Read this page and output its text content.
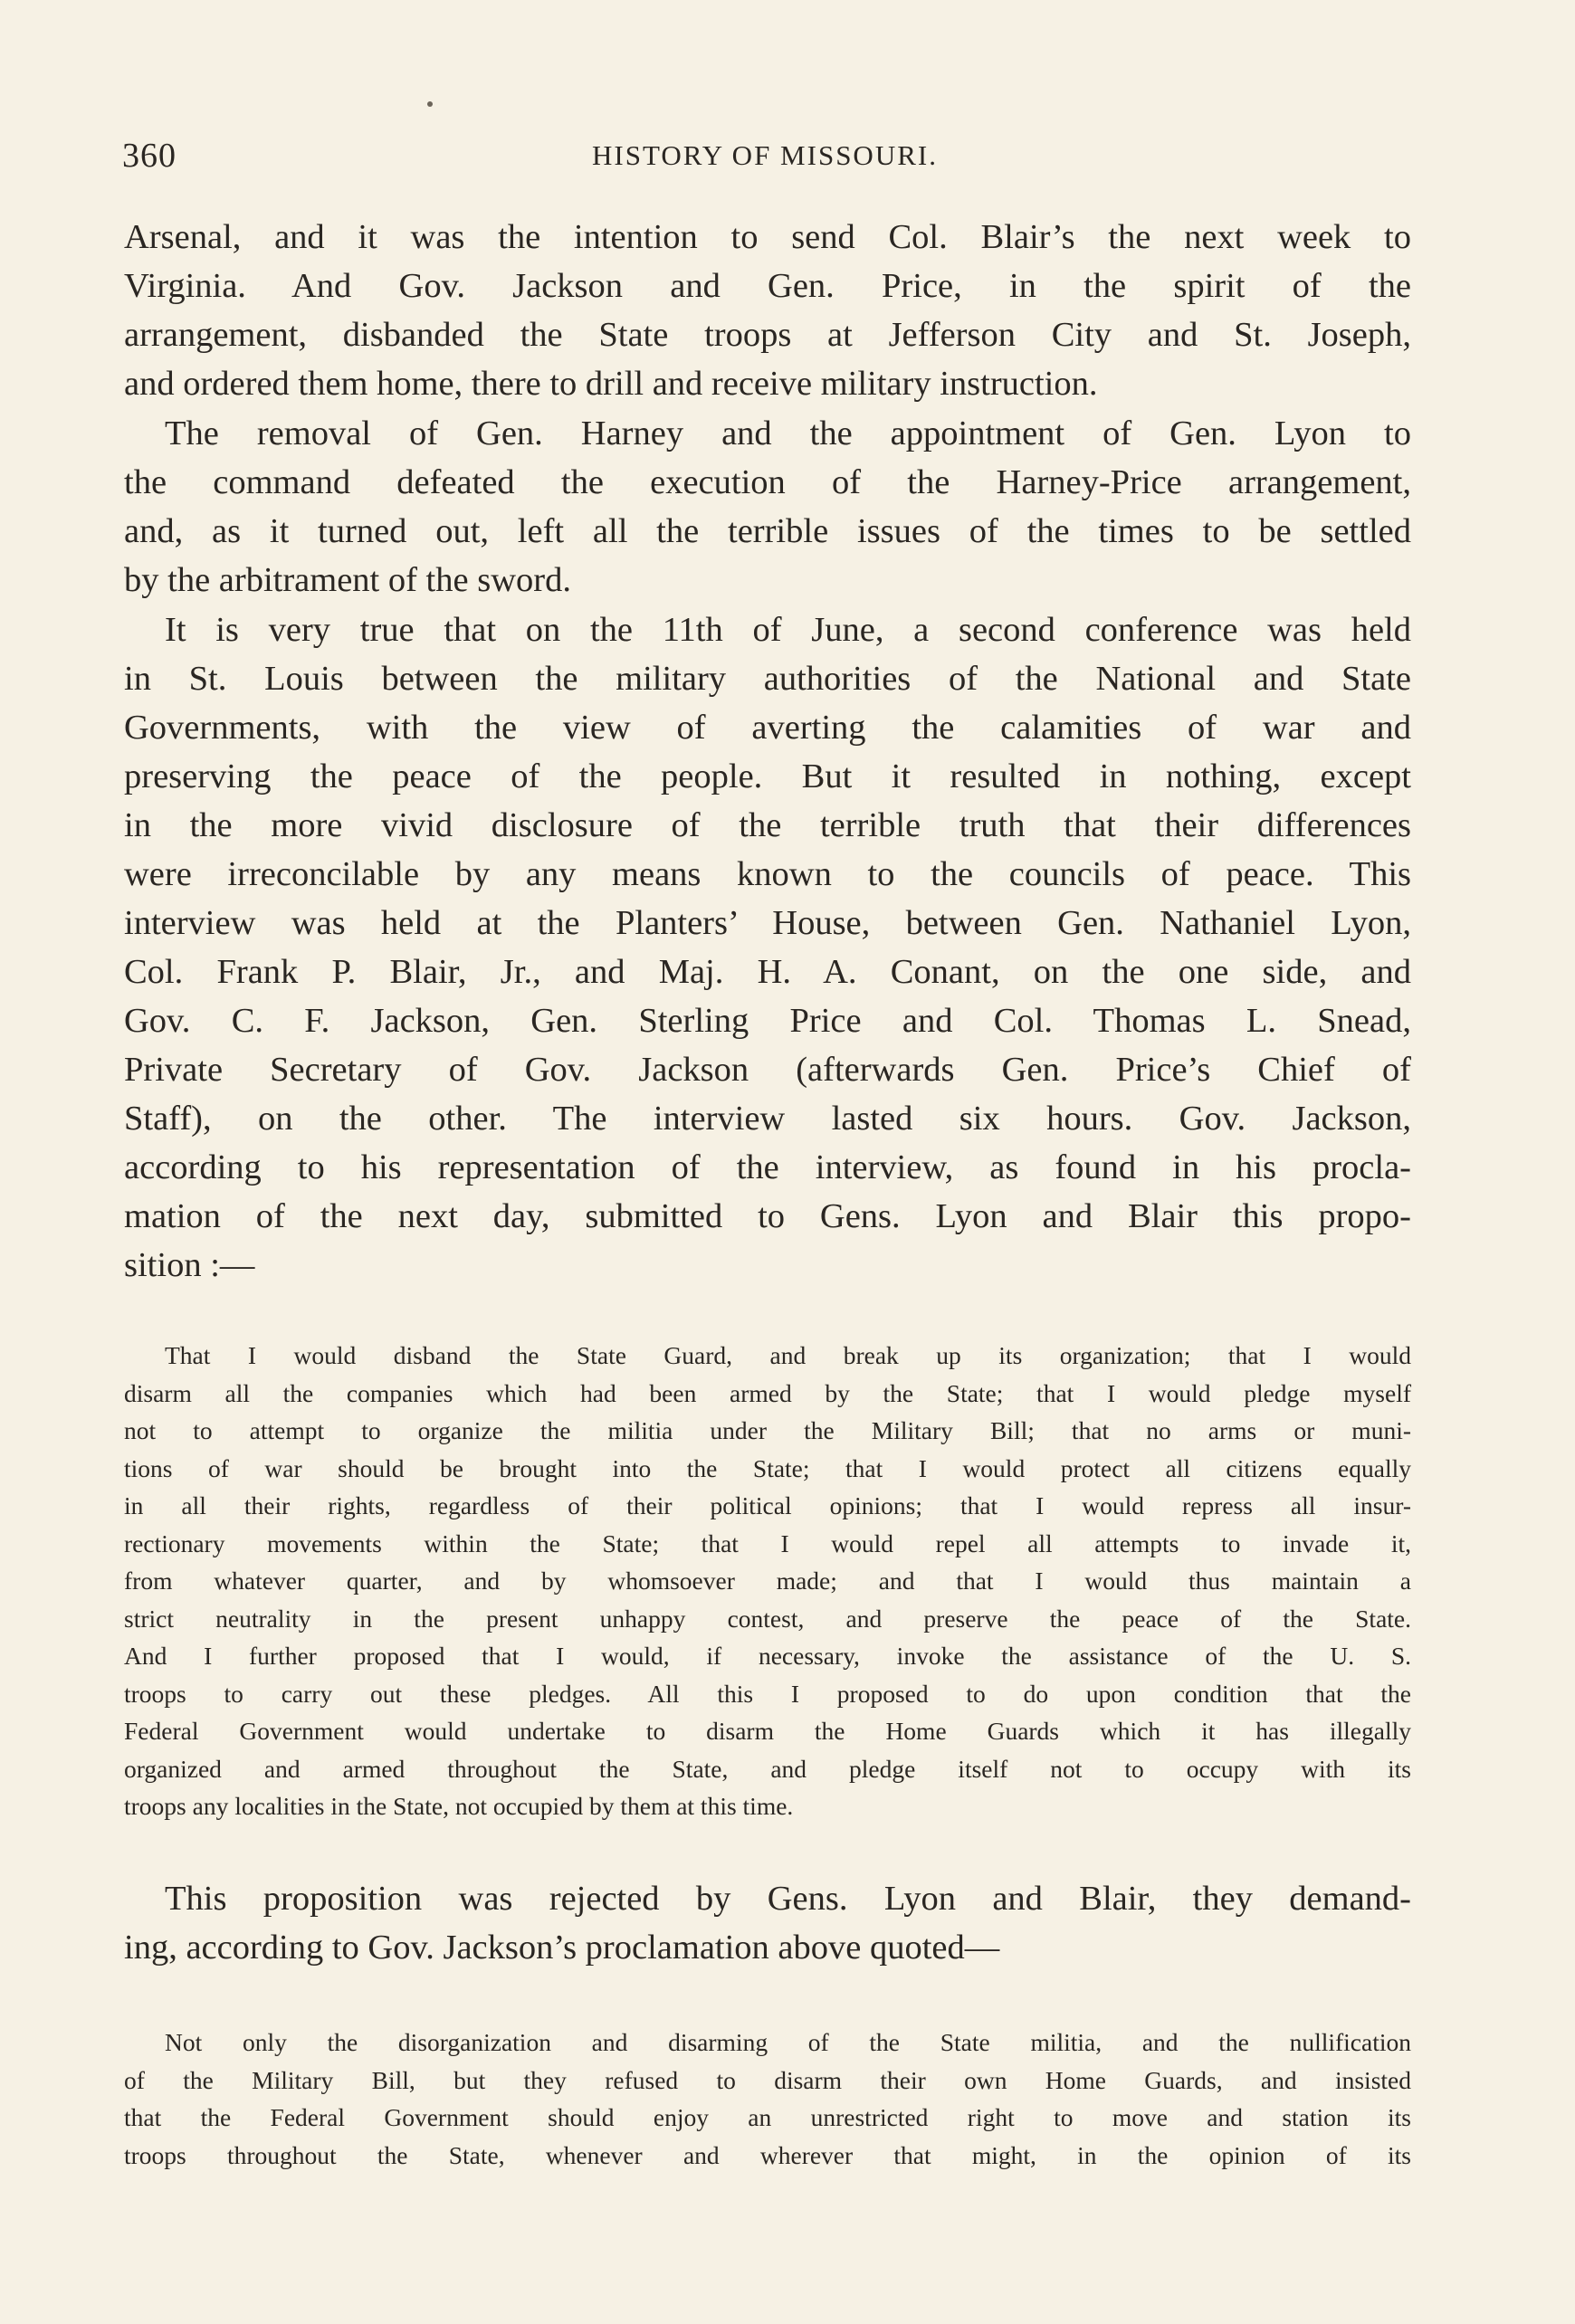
360	HISTORY OF MISSOURI.
Arsenal, and it was the intention to send Col. Blair’s the next week to
Virginia. And Gov. Jackson and Gen. Price, in the spirit of the
arrangement, disbanded the State troops at Jefferson City and St. Joseph,
and ordered them home, there to drill and receive military instruction.
The removal of Gen. Harney and the appointment of Gen. Lyon to
the command defeated the execution of the Harney-Price arrangement,
and, as it turned out, left all the terrible issues of the times to be settled
by the arbitrament of the sword.
It is very true that on the 11th of June, a second conference was held
in St. Louis between the military authorities of the National and State
Governments, with the view of averting the calamities of war and
preserving the peace of the people. But it resulted in nothing, except
in the more vivid disclosure of the terrible truth that their differences
were irreconcilable by any means known to the councils of peace. This
interview was held at the Planters’ House, between Gen. Nathaniel Lyon,
Col. Frank P. Blair, Jr., and Maj. H. A. Conant, on the one side, and
Gov. C. F. Jackson, Gen. Sterling Price and Col. Thomas L. Snead,
Private Secretary of Gov. Jackson (afterwards Gen. Price’s Chief of
Staff), on the other. The interview lasted six hours. Gov. Jackson,
according to his representation of the interview, as found in his procla-
mation of the next day, submitted to Gens. Lyon and Blair this propo-
sition :—
That I would disband the State Guard, and break up its organization; that I would
disarm all the companies which had been armed by the State; that I would pledge myself
not to attempt to organize the militia under the Military Bill; that no arms or muni-
tions of war should be brought into the State; that I would protect all citizens equally
in all their rights, regardless of their political opinions; that I would repress all insur-
rectionary movements within the State; that I would repel all attempts to invade it,
from whatever quarter, and by whomsoever made; and that I would thus maintain a
strict neutrality in the present unhappy contest, and preserve the peace of the State.
And I further proposed that I would, if necessary, invoke the assistance of the U. S.
troops to carry out these pledges. All this I proposed to do upon condition that the
Federal Government would undertake to disarm the Home Guards which it has illegally
organized and armed throughout the State, and pledge itself not to occupy with its
troops any localities in the State, not occupied by them at this time.
This proposition was rejected by Gens. Lyon and Blair, they demand-
ing, according to Gov. Jackson’s proclamation above quoted—
Not only the disorganization and disarming of the State militia, and the nullification
of the Military Bill, but they refused to disarm their own Home Guards, and insisted
that the Federal Government should enjoy an unrestricted right to move and station its
troops throughout the State, whenever and wherever that might, in the opinion of its
